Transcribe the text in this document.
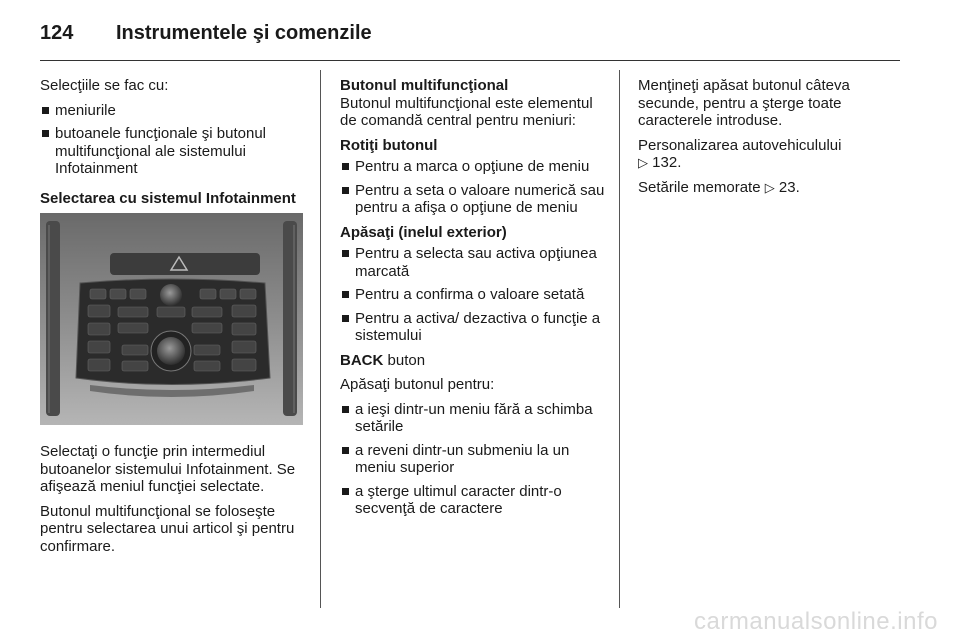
124	Instrumentele şi comenzile

Selecţiile se fac cu:

meniurile
butoanele funcţionale şi butonul multifuncţional ale sistemului Infotainment

Selectarea cu sistemul Infotainment

Selectaţi o funcţie prin intermediul butoanelor sistemului Infotainment. Se afişează meniul funcţiei selectate.

Butonul multifuncţional se foloseşte pentru selectarea unui articol şi pentru confirmare.

Butonul multifuncţional

Butonul multifuncţional este elementul de comandă central pentru meniuri:

Rotiţi butonul

Pentru a marca o opţiune de meniu
Pentru a seta o valoare numerică sau pentru a afişa o opţiune de meniu

Apăsaţi (inelul exterior)

Pentru a selecta sau activa opţiunea marcată
Pentru a confirma o valoare setată
Pentru a activa/ dezactiva o funcţie a sistemului

BACK buton

Apăsaţi butonul pentru:

a ieşi dintr-un meniu fără a schimba setările
a reveni dintr-un submeniu la un meniu superior
a şterge ultimul caracter dintr-o secvenţă de caractere

Menţineţi apăsat butonul câteva secunde, pentru a şterge toate caracterele introduse.

Personalizarea autovehiculului
▷ 132.

Setările memorate ▷ 23.

carmanualsonline.info
